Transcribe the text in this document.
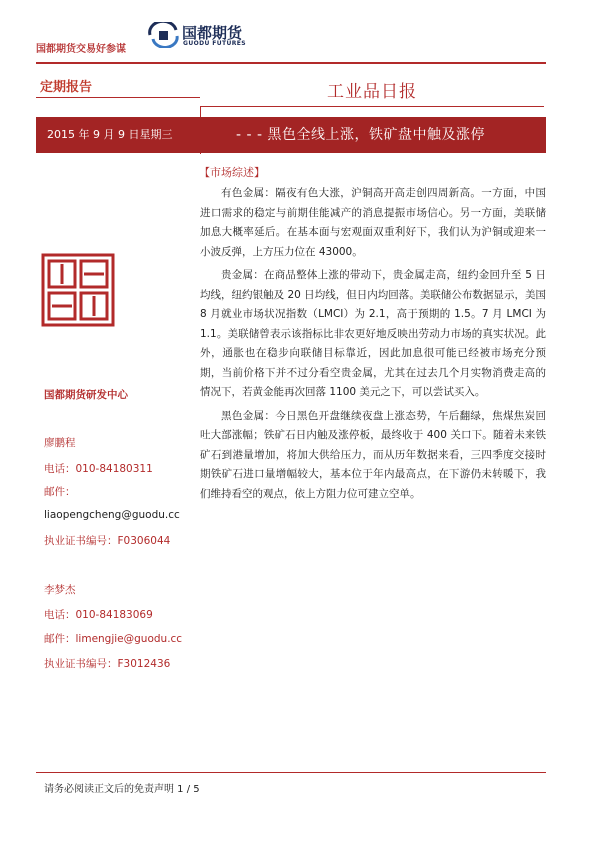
国都期货交易好参谋
国都期货
GUODU FUTURES
定期报告	工业品日报
2015 年 9 月 9 日星期三	- - - 黑色全线上涨，铁矿盘中触及涨停
国都期货研发中心
廖鹏程
电话：010-84180311
邮件：
liaopengcheng@guodu.cc
执业证书编号：F0306044
李梦杰
电话：010-84183069
邮件：limengjie@guodu.cc
执业证书编号：F3012436
【市场综述】

有色金属：隔夜有色大涨，沪铜高开高走创四周新高。一方面，中国进口需求的稳定与前期佳能减产的消息提振市场信心。另一方面，美联储加息大概率延后。在基本面与宏观面双重利好下，我们认为沪铜或迎来一小波反弹，上方压力位在 43000。

贵金属：在商品整体上涨的带动下，贵金属走高，纽约金回升至 5 日均线，纽约银触及 20 日均线，但日内均回落。美联储公布数据显示，美国 8 月就业市场状况指数（LMCI）为 2.1，高于预期的 1.5。7 月 LMCI 为 1.1。美联储曾表示该指标比非农更好地反映出劳动力市场的真实状况。此外，通胀也在稳步向联储目标靠近，因此加息很可能已经被市场充分预期，当前价格下并不过分看空贵金属，尤其在过去几个月实物消费走高的情况下，若黄金能再次回落 1100 美元之下，可以尝试买入。

黑色金属：今日黑色开盘继续夜盘上涨态势，午后翻绿，焦煤焦炭回吐大部涨幅；铁矿石日内触及涨停板，最终收于 400 关口下。随着未来铁矿石到港量增加，将加大供给压力，而从历年数据来看，三四季度交接时期铁矿石进口量增幅较大，基本位于年内最高点，在下游仍未转暖下，我们维持看空的观点，依上方阻力位可建立空单。

请务必阅读正文后的免责声明 1 / 5
